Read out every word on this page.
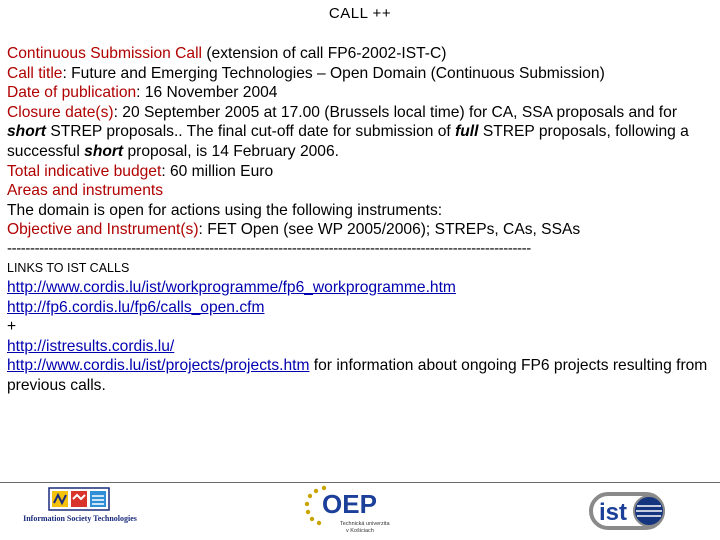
CALL ++

Continuous Submission Call (extension of call FP6-2002-IST-C)

Call title: Future and Emerging Technologies – Open Domain (Continuous Submission)

Date of publication: 16 November 2004

Closure date(s): 20 September 2005 at 17.00 (Brussels local time) for CA, SSA proposals and for short STREP proposals.. The final cut-off date for submission of full STREP proposals, following a successful short proposal, is 14 February 2006.

Total indicative budget: 60 million Euro

Areas and instruments

The domain is open for actions using the following instruments:

Objective and Instrument(s): FET Open (see WP 2005/2006); STREPs, CAs, SSAs

------------------------------------------------------------------------------------------------------------------

LINKS TO IST CALLS

http://www.cordis.lu/ist/workprogramme/fp6_workprogramme.htm

http://fp6.cordis.lu/fp6/calls_open.cfm

+

http://istresults.cordis.lu/

http://www.cordis.lu/ist/projects/projects.htm for information about ongoing FP6 projects resulting from previous calls.

Information Society Technologies	OEP
Technická univerzita
v Košiciach
ist
